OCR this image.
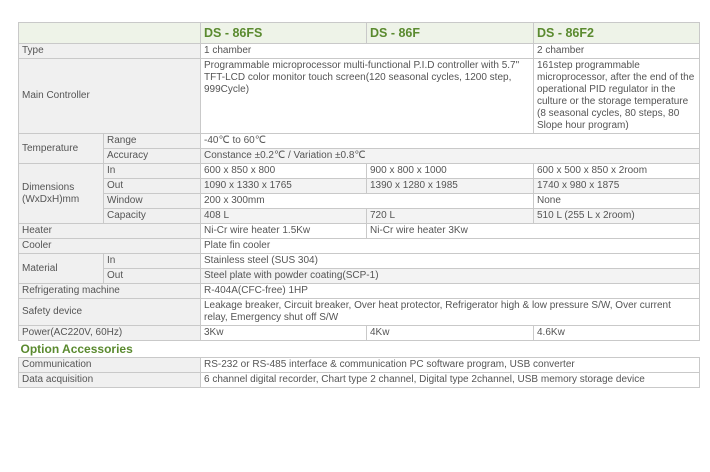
		DS - 86FS	DS - 86F	DS - 86F2
Type		1 chamber		2 chamber
Main Controller		Programmable microprocessor multi-functional P.I.D controller with 5.7" TFT-LCD color monitor touch screen(120 seasonal cycles, 1200 step, 999Cycle)		161step programmable microprocessor, after the end of the operational PID regulator in the culture or the storage temperature (8 seasonal cycles, 80 steps, 80 Slope hour program)
Temperature	Range	-40℃ to 60℃		
	Accuracy	Constance ±0.2℃ / Variation ±0.8℃		

Dimensions
(WxDxH)mm	In	600 x 850 x 800	900 x 800 x 1000	600 x 500 x 850 x 2room
	Out	1090 x 1330 x 1765	1390 x 1280 x 1985	1740 x 980 x 1875
	Window	200 x 300mm		None
	Capacity	408 L	720 L	510 L (255 L x 2room)
Heater		Ni-Cr wire heater 1.5Kw	Ni-Cr wire heater 3Kw	
Cooler		Plate fin cooler		
Material	In	Stainless steel (SUS 304)		
	Out	Steel plate with powder coating(SCP-1)		
Refrigerating machine		R-404A(CFC-free) 1HP		
Safety device		Leakage breaker, Circuit breaker, Over heat protector, Refrigerator high & low pressure S/W, Over current relay, Emergency shut off S/W		
Power(AC220V, 60Hz)		3Kw	4Kw	4.6Kw
Option Accessories				
Communication		RS-232 or RS-485 interface & communication PC software program, USB converter		
Data acquisition		6 channel digital recorder, Chart type 2 channel, Digital type 2channel, USB memory storage device		
